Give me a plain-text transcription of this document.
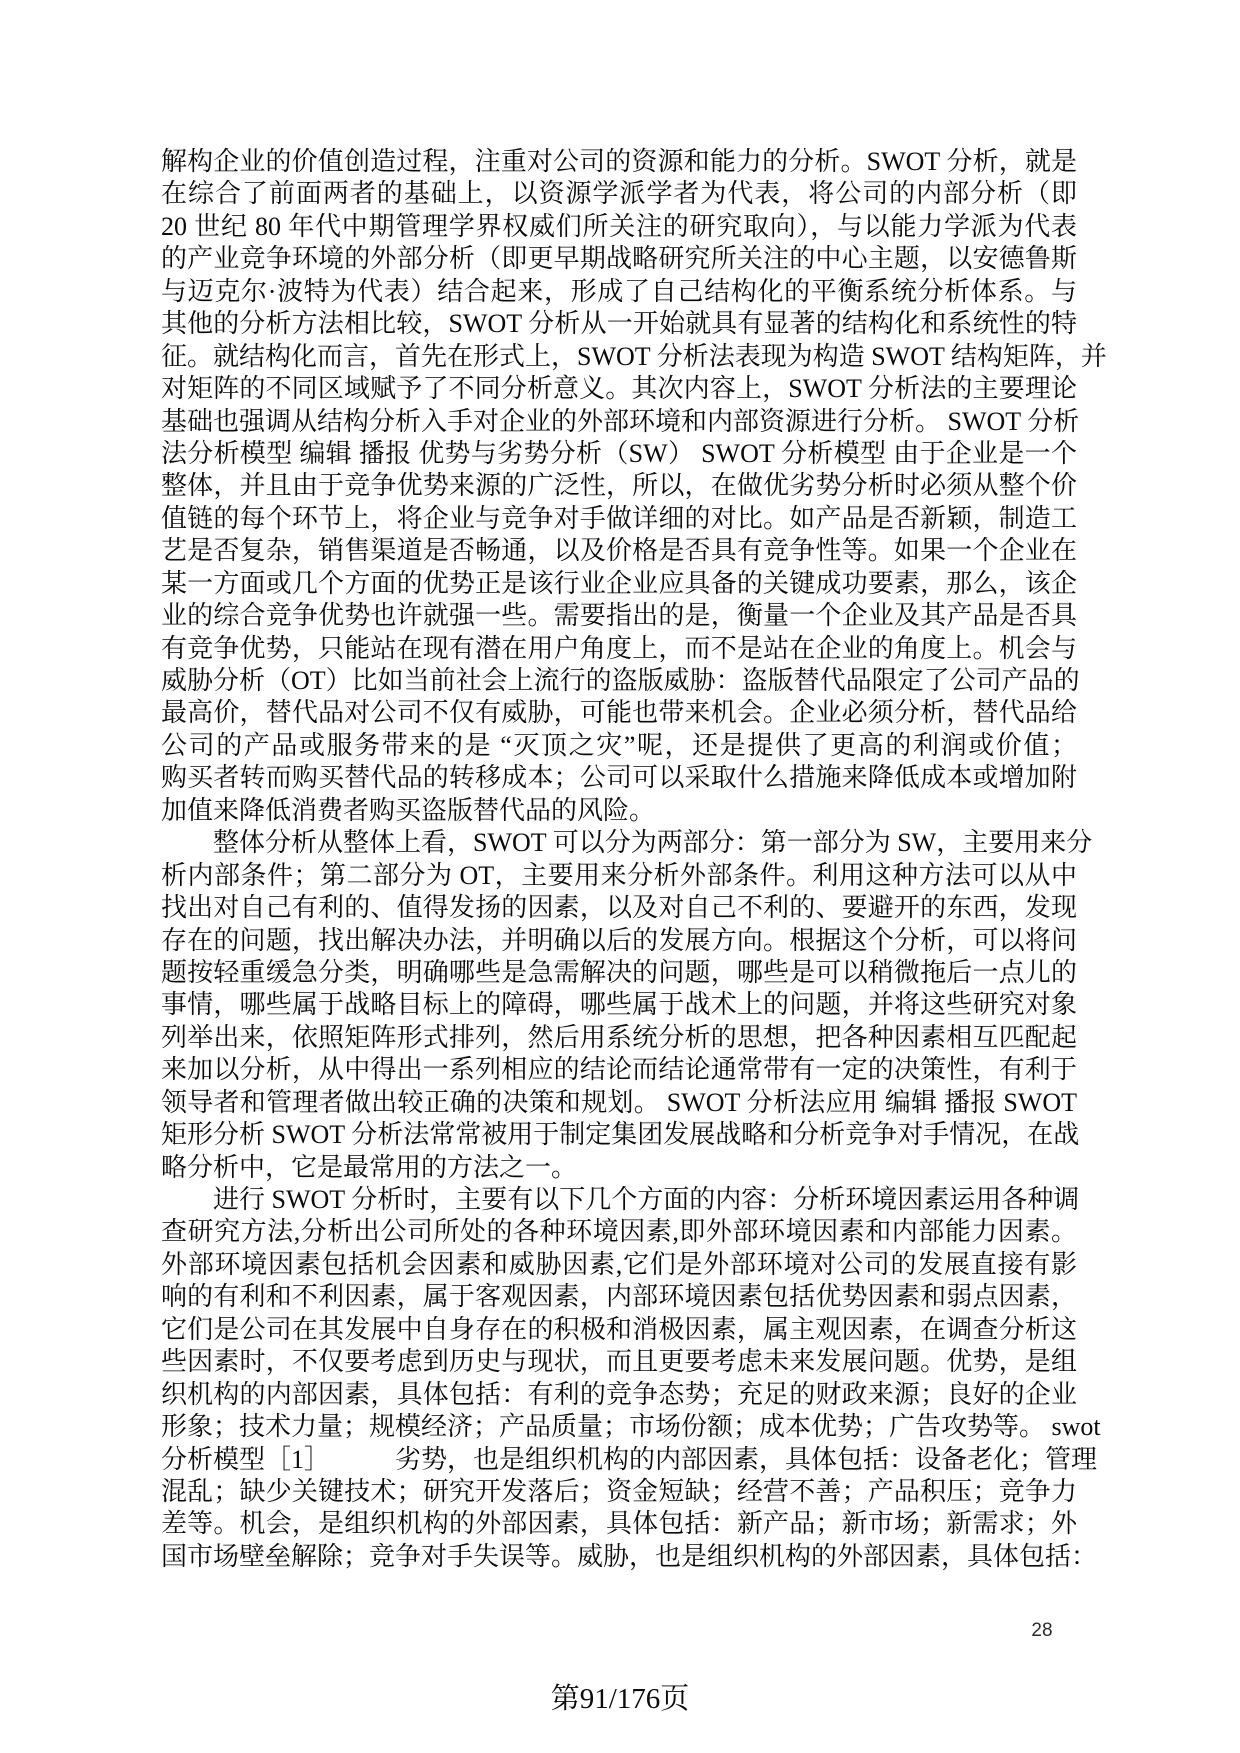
解构企业的价值创造过程，注重对公司的资源和能力的分析。SWOT 分析，就是
在综合了前面两者的基础上，以资源学派学者为代表，将公司的内部分析（即
20 世纪 80 年代中期管理学界权威们所关注的研究取向），与以能力学派为代表
的产业竞争环境的外部分析（即更早期战略研究所关注的中心主题，以安德鲁斯
与迈克尔·波特为代表）结合起来，形成了自己结构化的平衡系统分析体系。与
其他的分析方法相比较，SWOT 分析从一开始就具有显著的结构化和系统性的特
征。就结构化而言，首先在形式上，SWOT 分析法表现为构造 SWOT 结构矩阵，并
对矩阵的不同区域赋予了不同分析意义。其次内容上，SWOT 分析法的主要理论
基础也强调从结构分析入手对企业的外部环境和内部资源进行分析。 SWOT 分析
法分析模型 编辑 播报 优势与劣势分析（SW） SWOT 分析模型 由于企业是一个
整体，并且由于竞争优势来源的广泛性，所以，在做优劣势分析时必须从整个价
值链的每个环节上，将企业与竞争对手做详细的对比。如产品是否新颖，制造工
艺是否复杂，销售渠道是否畅通，以及价格是否具有竞争性等。如果一个企业在
某一方面或几个方面的优势正是该行业企业应具备的关键成功要素，那么，该企
业的综合竞争优势也许就强一些。需要指出的是，衡量一个企业及其产品是否具
有竞争优势，只能站在现有潜在用户角度上，而不是站在企业的角度上。机会与
威胁分析（OT）比如当前社会上流行的盗版威胁：盗版替代品限定了公司产品的
最高价，替代品对公司不仅有威胁，可能也带来机会。企业必须分析，替代品给
公司的产品或服务带来的是 “灭顶之灾”呢，还是提供了更高的利润或价值；
购买者转而购买替代品的转移成本；公司可以采取什么措施来降低成本或增加附
加值来降低消费者购买盗版替代品的风险。
　　整体分析从整体上看，SWOT 可以分为两部分：第一部分为 SW，主要用来分
析内部条件；第二部分为 OT，主要用来分析外部条件。利用这种方法可以从中
找出对自己有利的、值得发扬的因素，以及对自己不利的、要避开的东西，发现
存在的问题，找出解决办法，并明确以后的发展方向。根据这个分析，可以将问
题按轻重缓急分类，明确哪些是急需解决的问题，哪些是可以稍微拖后一点儿的
事情，哪些属于战略目标上的障碍，哪些属于战术上的问题，并将这些研究对象
列举出来，依照矩阵形式排列，然后用系统分析的思想，把各种因素相互匹配起
来加以分析，从中得出一系列相应的结论而结论通常带有一定的决策性，有利于
领导者和管理者做出较正确的决策和规划。 SWOT 分析法应用 编辑 播报 SWOT
矩形分析 SWOT 分析法常常被用于制定集团发展战略和分析竞争对手情况，在战
略分析中，它是最常用的方法之一。
　　进行 SWOT 分析时，主要有以下几个方面的内容：分析环境因素运用各种调
查研究方法,分析出公司所处的各种环境因素,即外部环境因素和内部能力因素。
外部环境因素包括机会因素和威胁因素,它们是外部环境对公司的发展直接有影
响的有利和不利因素，属于客观因素，内部环境因素包括优势因素和弱点因素，
它们是公司在其发展中自身存在的积极和消极因素，属主观因素，在调查分析这
些因素时，不仅要考虑到历史与现状，而且更要考虑未来发展问题。优势，是组
织机构的内部因素，具体包括：有利的竞争态势；充足的财政来源；良好的企业
形象；技术力量；规模经济；产品质量；市场份额；成本优势；广告攻势等。 swot
分析模型［1］　　　劣势，也是组织机构的内部因素，具体包括：设备老化；管理
混乱；缺少关键技术；研究开发落后；资金短缺；经营不善；产品积压；竞争力
差等。机会，是组织机构的外部因素，具体包括：新产品；新市场；新需求；外
国市场壁垒解除；竞争对手失误等。威胁，也是组织机构的外部因素，具体包括：
28
第91/176页
